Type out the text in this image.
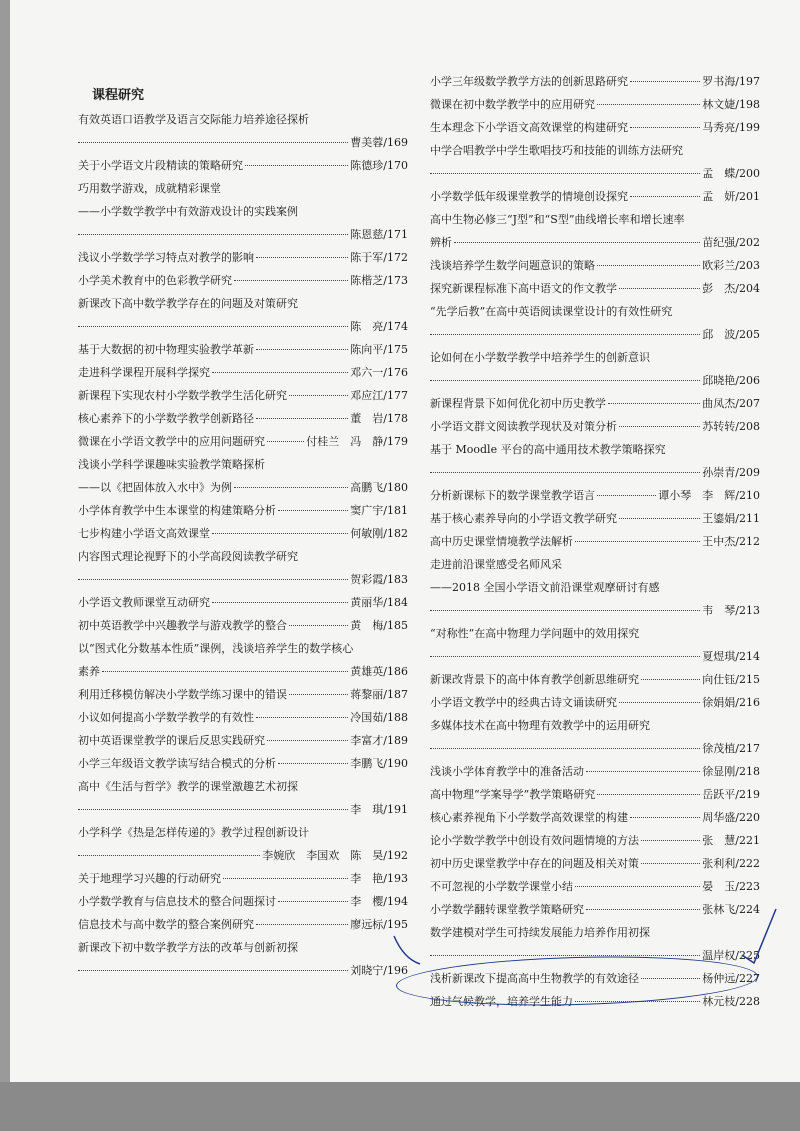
课程研究
有效英语口语教学及语言交际能力培养途径探析
曹美蓉/169
关于小学语文片段精读的策略研究	陈德珍/170
巧用数学游戏，成就精彩课堂
——小学数学教学中有效游戏设计的实践案例
陈恩慈/171
浅议小学数学学习特点对教学的影响	陈于军/172
小学美术教育中的色彩教学研究	陈楷芝/173
新课改下高中数学教学存在的问题及对策研究
陈　亮/174
基于大数据的初中物理实验教学革新	陈向平/175
走进科学课程开展科学探究	邓六一/176
新课程下实现农村小学数学教学生活化研究	邓应江/177
核心素养下的小学数学教学创新路径	董　岩/178
微课在小学语文教学中的应用问题研究	付桂兰　冯　静/179
浅谈小学科学课趣味实验教学策略探析
——以《把固体放入水中》为例	高鹏飞/180
小学体育教学中生本课堂的构建策略分析	窦广宇/181
七步构建小学语文高效课堂	何敏刚/182
内容图式理论视野下的小学高段阅读教学研究
贺彩霞/183
小学语文教师课堂互动研究	黄丽华/184
初中英语教学中兴趣教学与游戏教学的整合	黄　梅/185
以“图式化分数基本性质”课例，浅谈培养学生的数学核心
素养	黄雄英/186
利用迁移模仿解决小学数学练习课中的错误	蒋黎丽/187
小议如何提高小学数学教学的有效性	冷国茹/188
初中英语课堂教学的课后反思实践研究	李富才/189
小学三年级语文教学读写结合模式的分析	李鹏飞/190
高中《生活与哲学》教学的课堂激趣艺术初探
李　琪/191
小学科学《热是怎样传递的》教学过程创新设计
李婉欣　李国欢　陈　昊/192
关于地理学习兴趣的行动研究	李　艳/193
小学数学教育与信息技术的整合问题探讨	李　樱/194
信息技术与高中数学的整合案例研究	廖远标/195
新课改下初中数学教学方法的改革与创新初探
刘晓宁/196
小学三年级数学教学方法的创新思路研究	罗书海/197
微课在初中数学教学中的应用研究	林文婕/198
生本理念下小学语文高效课堂的构建研究	马秀亮/199
中学合唱教学中学生歌唱技巧和技能的训练方法研究
孟　蝶/200
小学数学低年级课堂教学的情境创设探究	孟　妍/201
高中生物必修三“J型”和“S型”曲线增长率和增长速率
辨析	苗纪强/202
浅谈培养学生数学问题意识的策略	欧彩兰/203
探究新课程标准下高中语文的作文教学	彭　杰/204
“先学后教”在高中英语阅读课堂设计的有效性研究
邱　波/205
论如何在小学数学教学中培养学生的创新意识
邱晓艳/206
新课程背景下如何优化初中历史教学	曲凤杰/207
小学语文群文阅读教学现状及对策分析	苏转转/208
基于 Moodle 平台的高中通用技术教学策略探究
孙崇青/209
分析新课标下的数学课堂教学语言	谭小琴　李　辉/210
基于核心素养导向的小学语文教学研究	王鎏娟/211
高中历史课堂情境教学法解析	王中杰/212
走进前沿课堂感受名师风采
——2018 全国小学语文前沿课堂观摩研讨有感
韦　琴/213
“对称性”在高中物理力学问题中的效用探究
夏煜琪/214
新课改背景下的高中体育教学创新思维研究	向仕钰/215
小学语文教学中的经典古诗文诵读研究	徐娟娟/216
多媒体技术在高中物理有效教学中的运用研究
徐茂植/217
浅谈小学体育教学中的准备活动	徐显刚/218
高中物理“学案导学”教学策略研究	岳跃平/219
核心素养视角下小学数学高效课堂的构建	周华盛/220
论小学数学教学中创设有效问题情境的方法	张　慧/221
初中历史课堂教学中存在的问题及相关对策	张利利/222
不可忽视的小学数学课堂小结	晏　玉/223
小学数学翻转课堂教学策略研究	张林飞/224
数学建模对学生可持续发展能力培养作用初探
温岸权/225
浅析新课改下提高高中生物教学的有效途径	杨仲远/227
通过气候教学，培养学生能力	林元枝/228
